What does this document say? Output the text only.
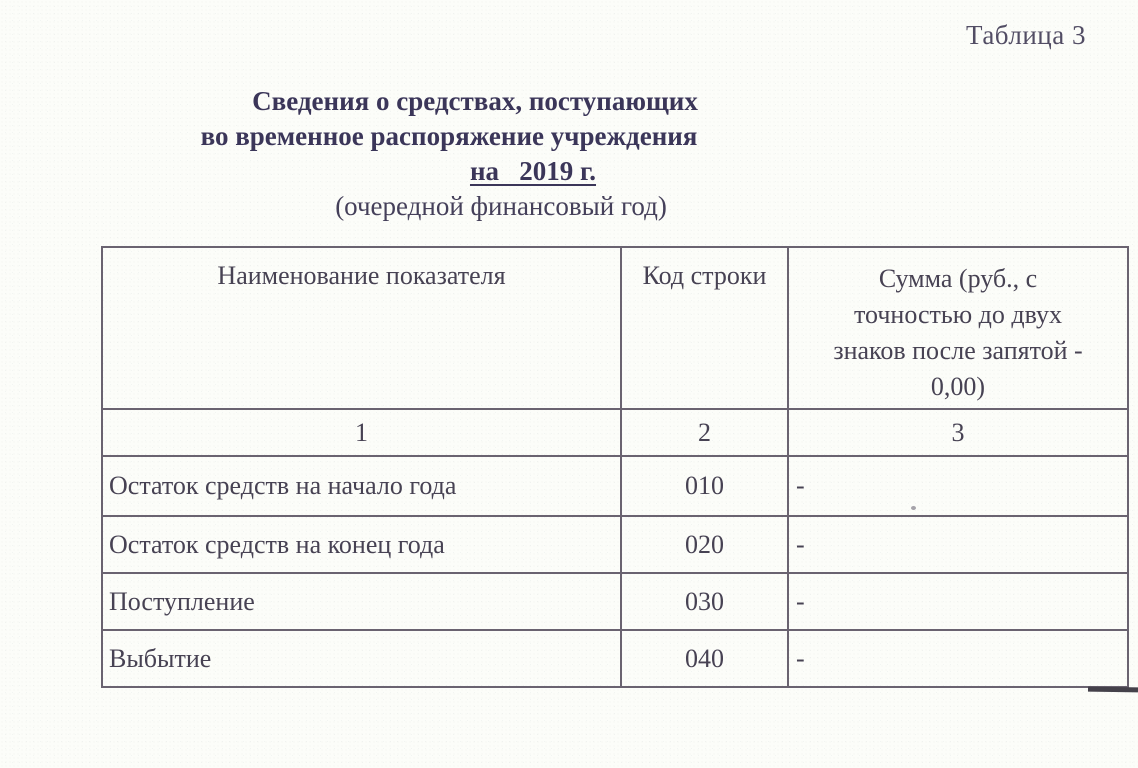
Таблица 3
Сведения о средствах, поступающих
во временное распоряжение учреждения
на   2019 г.
(очередной финансовый год)
Наименование показателя	Код строки	Сумма (руб., с
точностью до двух
знаков после запятой -
0,00)

1	2	3
Остаток средств на начало года	010	-
Остаток средств на конец года	020	-
Поступление	030	-
Выбытие	040	-
